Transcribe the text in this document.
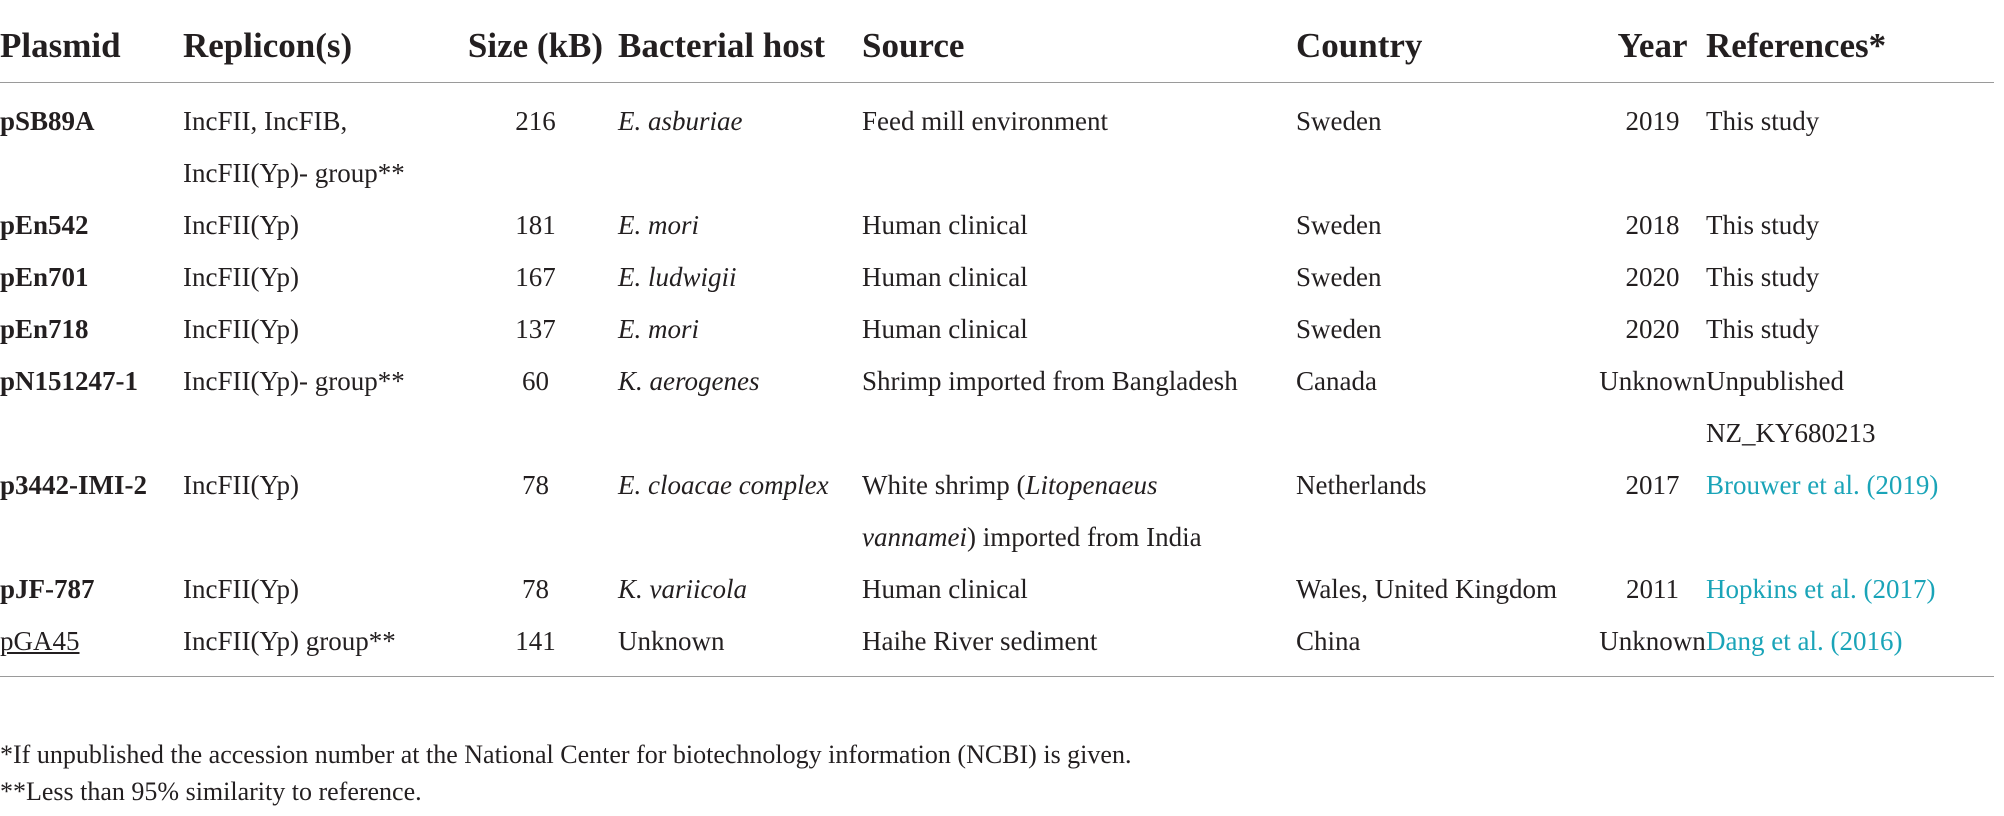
Plasmid	Replicon(s)	Size (kB)	Bacterial host	Source	Country	Year	References*
pSB89A	IncFII, IncFIB,
IncFII(Yp)- group**	216	E. asburiae	Feed mill environment	Sweden	2019	This study
pEn542	IncFII(Yp)	181	E. mori	Human clinical	Sweden	2018	This study
pEn701	IncFII(Yp)	167	E. ludwigii	Human clinical	Sweden	2020	This study
pEn718	IncFII(Yp)	137	E. mori	Human clinical	Sweden	2020	This study
pN151247-1	IncFII(Yp)- group**	60	K. aerogenes	Shrimp imported from Bangladesh	Canada	Unknown	Unpublished
NZ_KY680213

p3442-IMI-2	IncFII(Yp)	78	E. cloacae complex	White shrimp (Litopenaeus
vannamei) imported from India	Netherlands	2017	Brouwer et al. (2019)
pJF-787	IncFII(Yp)	78	K. variicola	Human clinical	Wales, United Kingdom	2011	Hopkins et al. (2017)
pGA45	IncFII(Yp) group**	141	Unknown	Haihe River sediment	China	Unknown	Dang et al. (2016)
*If unpublished the accession number at the National Center for biotechnology information (NCBI) is given.
**Less than 95% similarity to reference.
